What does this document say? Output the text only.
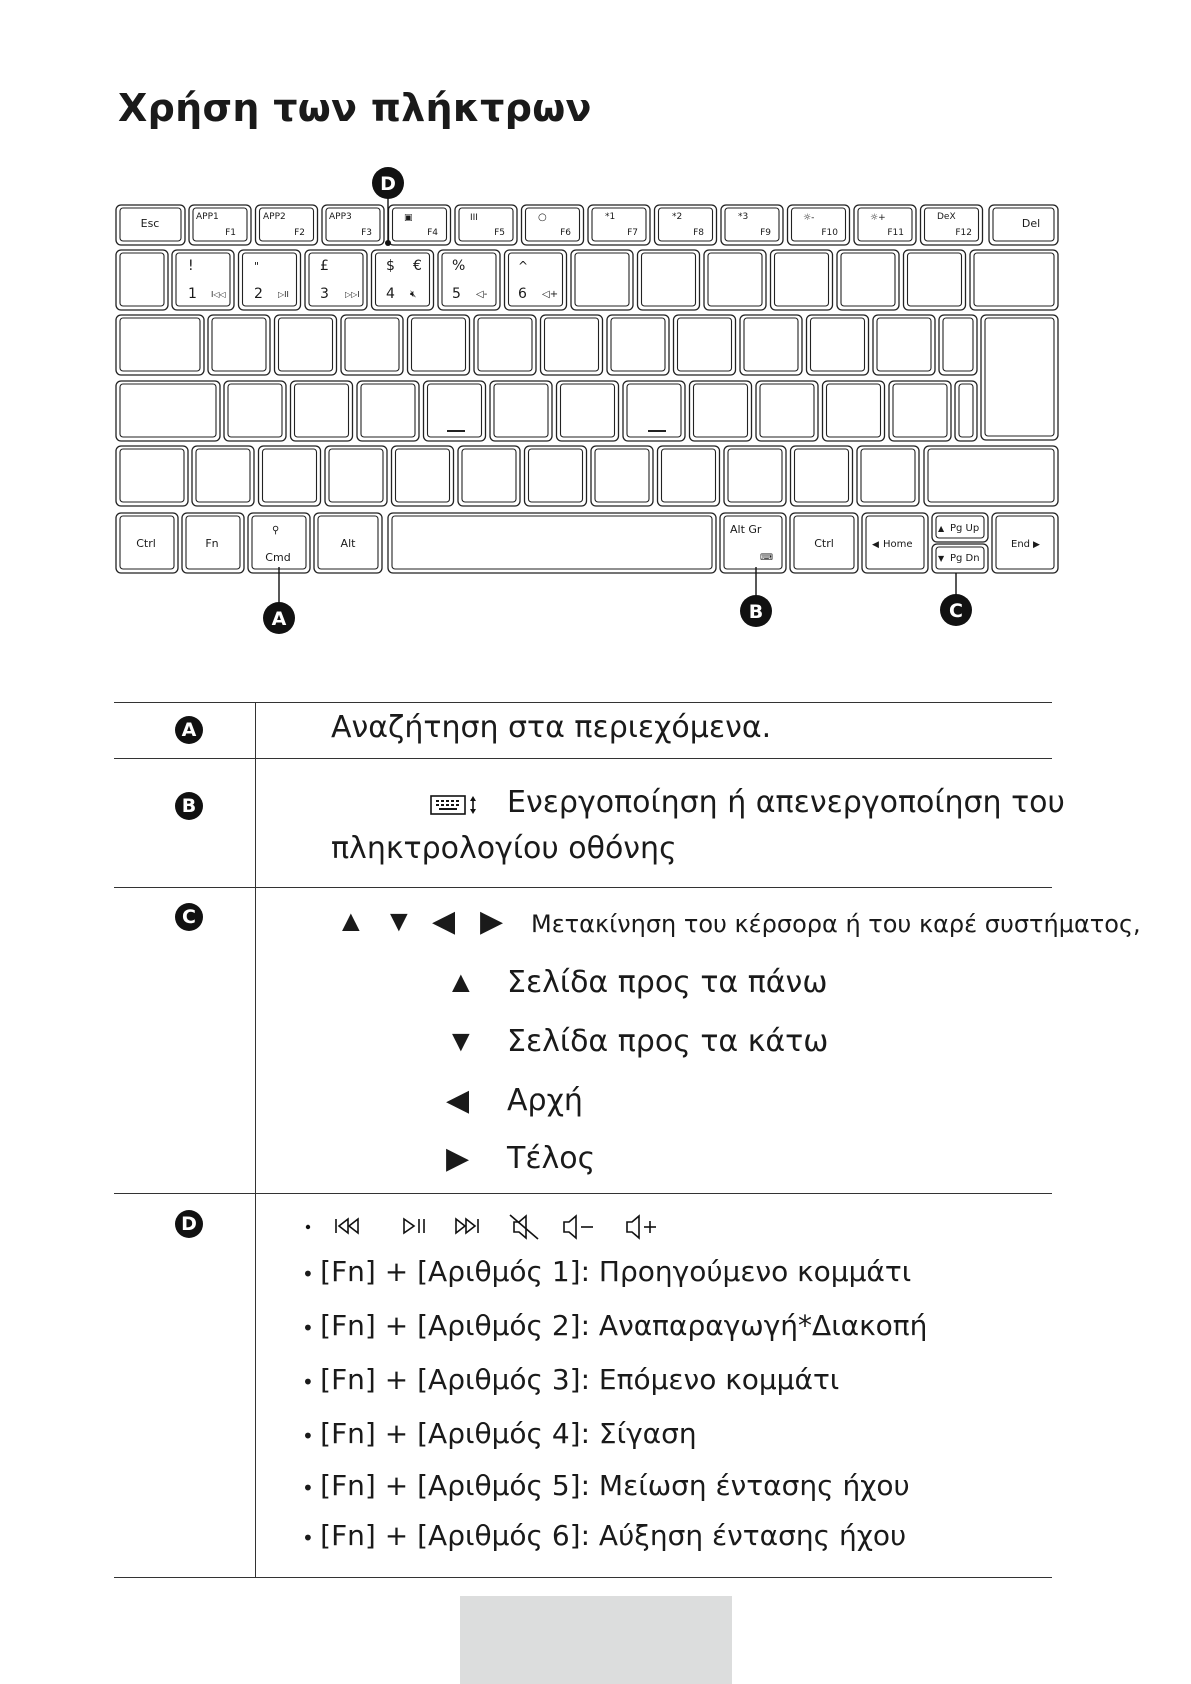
Χρήση των πλήκτρων
Esc	APP1
F1
APP2
F2
APP3
F3	F4	F5	F6	F7	F8	F9	F10	F11
DeX
F12
Del
▣	III	○	*1	*2	*3	☼-	☼+
!
1 I◁◁
"
2 ▷II
£
3 ▷▷I
$ €
4 🔇︎
%
5 ◁-
^
6 ◁+
Ctrl	Fn
⚲
Cmd
Alt
Alt Gr
⌨
Ctrl	◀ Home
▲ Pg Up
▼ Pg Dn
End ▶
D
A	B	C
A	Αναζήτηση στα περιεχόμενα.
B	Ενεργοποίηση ή απενεργοποίηση του
πληκτρολογίου οθόνης
C	▲ ▼ ◀ ▶ Μετακίνηση του κέρσορα ή του καρέ συστήματος,
▲ Σελίδα προς τα πάνω
▼ Σελίδα προς τα κάτω
◀ Αρχή
▶ Τέλος
D
• [Fn] + [Αριθμός 1]: Προηγούμενο κομμάτι
• [Fn] + [Αριθμός 2]: Αναπαραγωγή*Διακοπή
• [Fn] + [Αριθμός 3]: Επόμενο κομμάτι
• [Fn] + [Αριθμός 4]: Σίγαση
• [Fn] + [Αριθμός 5]: Μείωση έντασης ήχου
• [Fn] + [Αριθμός 6]: Αύξηση έντασης ήχου
